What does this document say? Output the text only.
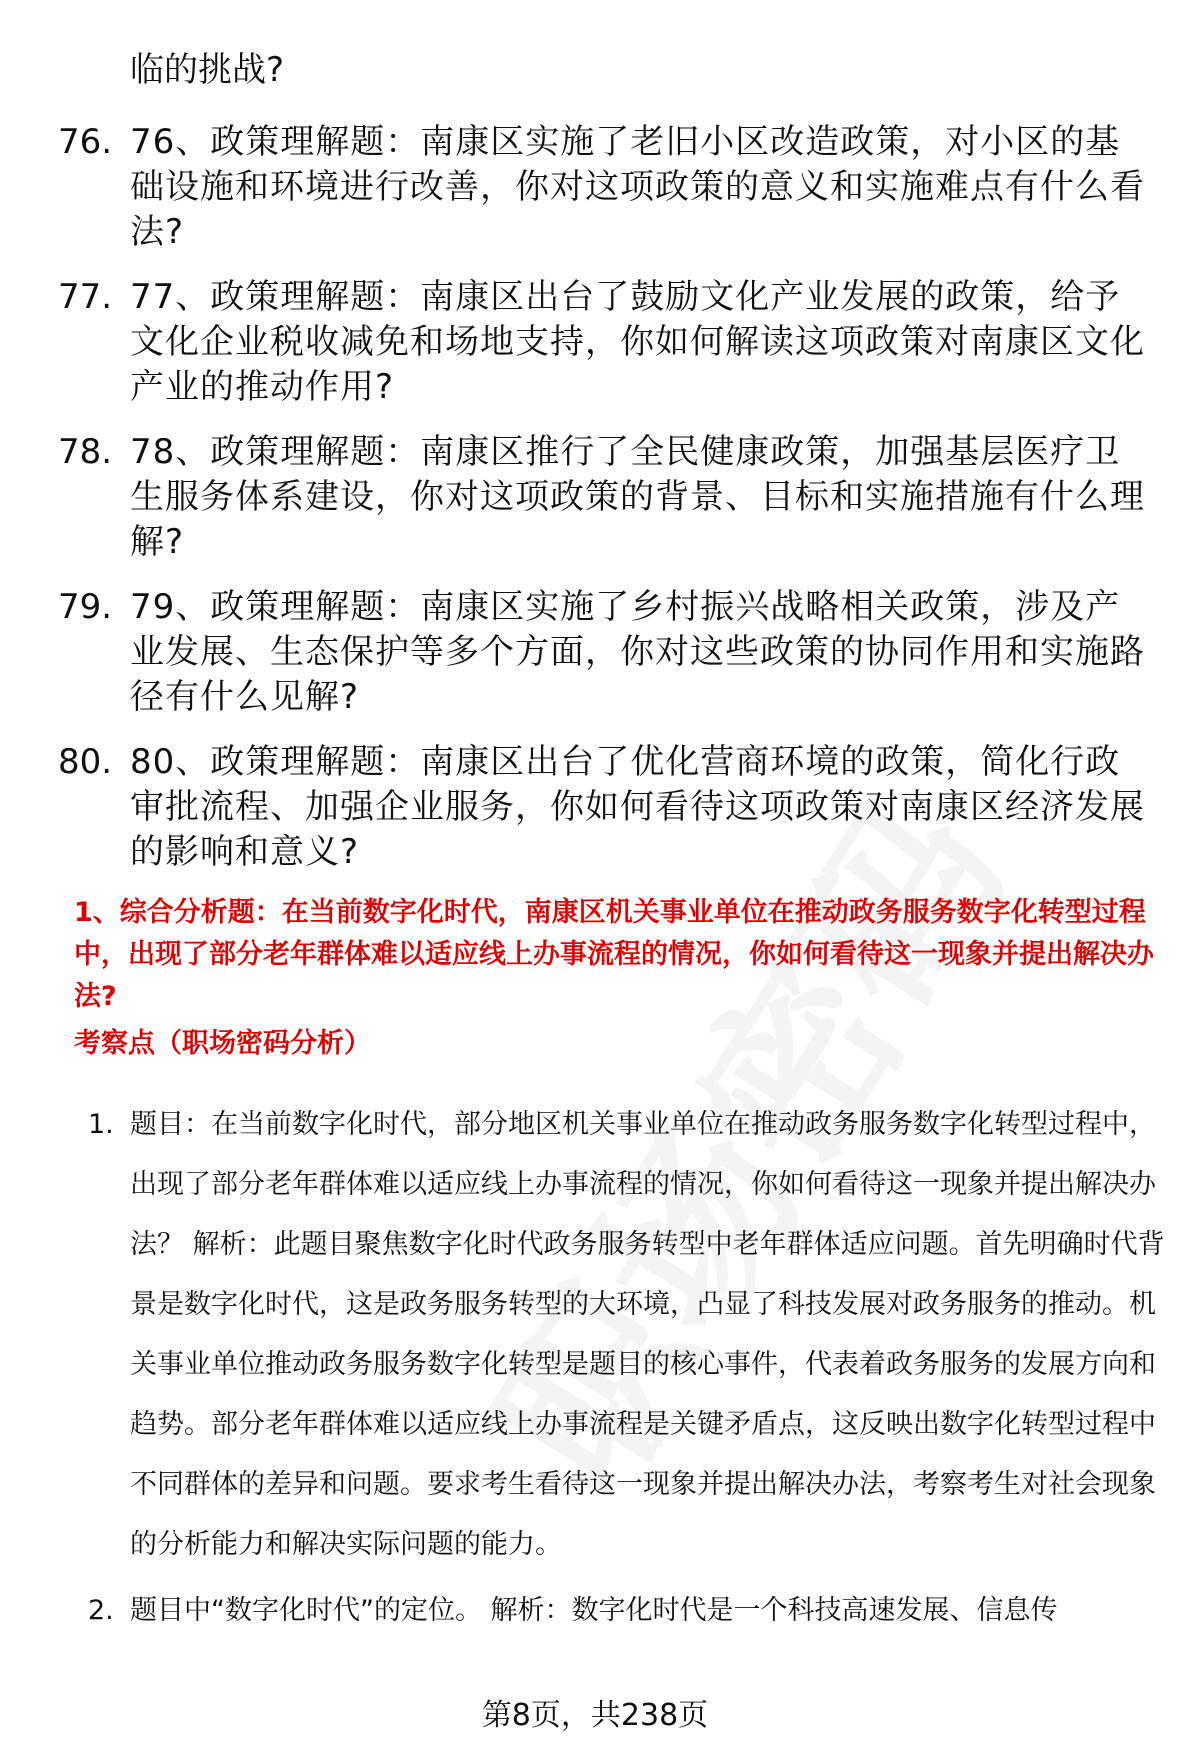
临的挑战?

76. 76、政策理解题：南康区实施了老旧小区改造政策，对小区的基础设施和环境进行改善，你对这项政策的意义和实施难点有什么看法?
77. 77、政策理解题：南康区出台了鼓励文化产业发展的政策，给予文化企业税收减免和场地支持，你如何解读这项政策对南康区文化产业的推动作用?
78. 78、政策理解题：南康区推行了全民健康政策，加强基层医疗卫生服务体系建设，你对这项政策的背景、目标和实施措施有什么理解?
79. 79、政策理解题：南康区实施了乡村振兴战略相关政策，涉及产业发展、生态保护等多个方面，你对这些政策的协同作用和实施路径有什么见解?
80. 80、政策理解题：南康区出台了优化营商环境的政策，简化行政审批流程、加强企业服务，你如何看待这项政策对南康区经济发展的影响和意义?

1、综合分析题：在当前数字化时代，南康区机关事业单位在推动政务服务数字化转型过程中，出现了部分老年群体难以适应线上办事流程的情况，你如何看待这一现象并提出解决办法?

考察点（职场密码分析）

1. 题目：在当前数字化时代，部分地区机关事业单位在推动政务服务数字化转型过程中，出现了部分老年群体难以适应线上办事流程的情况，你如何看待这一现象并提出解决办法？ 解析：此题目聚焦数字化时代政务服务转型中老年群体适应问题。首先明确时代背景是数字化时代，这是政务服务转型的大环境，凸显了科技发展对政务服务的推动。机关事业单位推动政务服务数字化转型是题目的核心事件，代表着政务服务的发展方向和趋势。部分老年群体难以适应线上办事流程是关键矛盾点，这反映出数字化转型过程中不同群体的差异和问题。要求考生看待这一现象并提出解决办法，考察考生对社会现象的分析能力和解决实际问题的能力。
2. 题目中“数字化时代”的定位。 解析：数字化时代是一个科技高速发展、信息传
第8页，共238页
